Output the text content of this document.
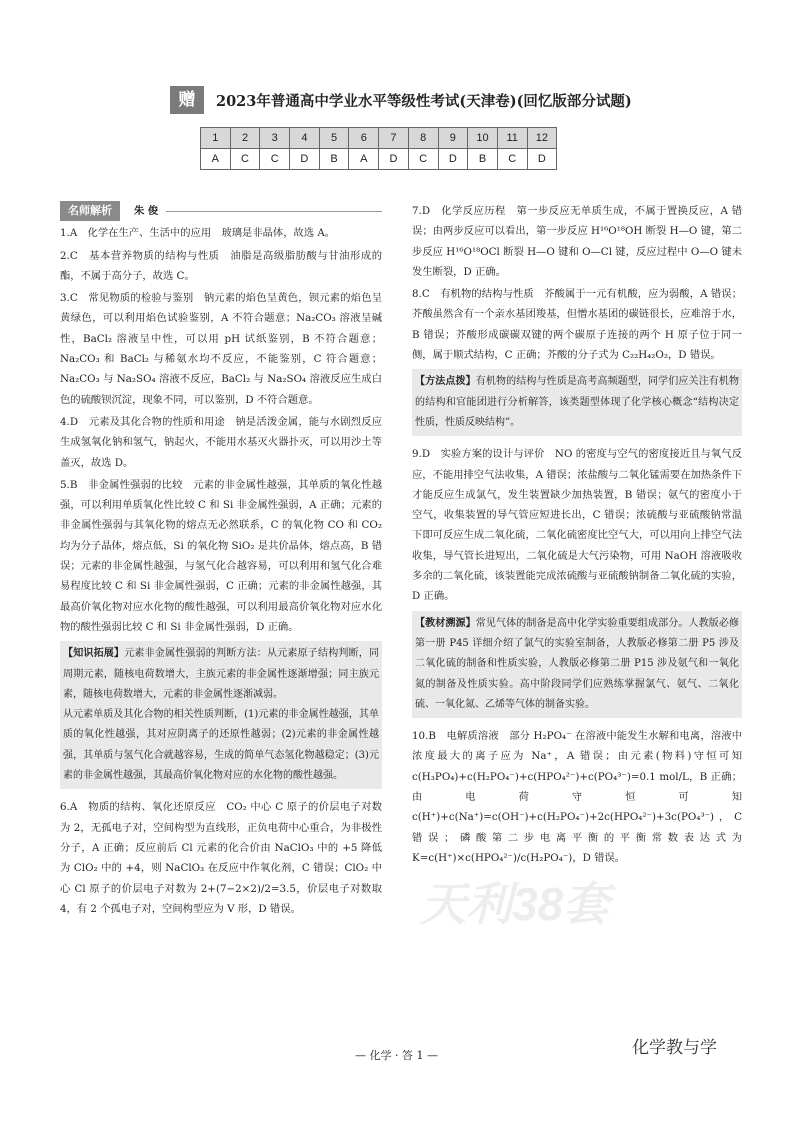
赠	2023年普通高中学业水平等级性考试(天津卷)(回忆版部分试题)
1	2	3	4	5	6	7	8	9	10	11	12
A	C	C	D	B	A	D	C	D	B	C	D
名师解析	朱 俊

1.A　化学在生产、生活中的应用　玻璃是非晶体，故选 A。

2.C　基本营养物质的结构与性质　油脂是高级脂肪酸与甘油形成的酯，不属于高分子，故选 C。

3.C　常见物质的检验与鉴别　钠元素的焰色呈黄色，钡元素的焰色呈黄绿色，可以利用焰色试验鉴别，A 不符合题意；Na₂CO₃ 溶液呈碱性，BaCl₂ 溶液呈中性，可以用 pH 试纸鉴别，B 不符合题意；Na₂CO₃ 和 BaCl₂ 与稀氨水均不反应，不能鉴别，C 符合题意；Na₂CO₃ 与 Na₂SO₄ 溶液不反应，BaCl₂ 与 Na₂SO₄ 溶液反应生成白色的硫酸钡沉淀，现象不同，可以鉴别，D 不符合题意。

4.D　元素及其化合物的性质和用途　钠是活泼金属，能与水剧烈反应生成氢氧化钠和氢气，钠起火，不能用水基灭火器扑灭，可以用沙土等盖灭，故选 D。

5.B　非金属性强弱的比较　元素的非金属性越强，其单质的氧化性越强，可以利用单质氧化性比较 C 和 Si 非金属性强弱，A 正确；元素的非金属性强弱与其氧化物的熔点无必然联系，C 的氧化物 CO 和 CO₂ 均为分子晶体，熔点低，Si 的氧化物 SiO₂ 是共价晶体，熔点高，B 错误；元素的非金属性越强，与氢气化合越容易，可以利用和氢气化合难易程度比较 C 和 Si 非金属性强弱，C 正确；元素的非金属性越强，其最高价氧化物对应水化物的酸性越强，可以利用最高价氧化物对应水化物的酸性强弱比较 C 和 Si 非金属性强弱，D 正确。

【知识拓展】元素非金属性强弱的判断方法：从元素原子结构判断，同周期元素，随核电荷数增大，主族元素的非金属性逐渐增强；同主族元素，随核电荷数增大，元素的非金属性逐渐减弱。
从元素单质及其化合物的相关性质判断，(1)元素的非金属性越强，其单质的氧化性越强，其对应阴离子的还原性越弱；(2)元素的非金属性越强，其单质与氢气化合就越容易，生成的简单气态氢化物越稳定；(3)元素的非金属性越强，其最高价氧化物对应的水化物的酸性越强。

6.A　物质的结构、氧化还原反应　CO₂ 中心 C 原子的价层电子对数为 2，无孤电子对，空间构型为直线形，正负电荷中心重合，为非极性分子，A 正确；反应前后 Cl 元素的化合价由 NaClO₃ 中的 +5 降低为 ClO₂ 中的 +4，则 NaClO₃ 在反应中作氧化剂，C 错误；ClO₂ 中心 Cl 原子的价层电子对数为 2+(7−2×2)/2=3.5，价层电子对数取 4，有 2 个孤电子对，空间构型应为 V 形，D 错误。

7.D　化学反应历程　第一步反应无单质生成，不属于置换反应，A 错误；由两步反应可以看出，第一步反应 H¹⁶O¹⁸OH 断裂 H—O 键，第二步反应 H¹⁶O¹⁸OCl 断裂 H—O 键和 O—Cl 键，反应过程中 O—O 键未发生断裂，D 正确。

8.C　有机物的结构与性质　芥酸属于一元有机酸，应为弱酸，A 错误；芥酸虽然含有一个亲水基团羧基，但憎水基团的碳链很长，应难溶于水，B 错误；芥酸形成碳碳双键的两个碳原子连接的两个 H 原子位于同一侧，属于顺式结构，C 正确；芥酸的分子式为 C₂₂H₄₂O₂，D 错误。

【方法点拨】有机物的结构与性质是高考高频题型，同学们应关注有机物的结构和官能团进行分析解答，该类题型体现了化学核心概念“结构决定性质，性质反映结构”。

9.D　实验方案的设计与评价　NO 的密度与空气的密度接近且与氧气反应，不能用排空气法收集，A 错误；浓盐酸与二氧化锰需要在加热条件下才能反应生成氯气，发生装置缺少加热装置，B 错误；氨气的密度小于空气，收集装置的导气管应短进长出，C 错误；浓硫酸与亚硫酸钠常温下即可反应生成二氧化硫，二氧化硫密度比空气大，可以用向上排空气法收集，导气管长进短出，二氧化硫是大气污染物，可用 NaOH 溶液吸收多余的二氧化硫，该装置能完成浓硫酸与亚硫酸钠制备二氧化硫的实验，D 正确。

【教材溯源】常见气体的制备是高中化学实验重要组成部分。人教版必修第一册 P45 详细介绍了氯气的实验室制备，人教版必修第二册 P5 涉及二氧化硫的制备和性质实验，人教版必修第二册 P15 涉及氨气和一氧化氮的制备及性质实验。高中阶段同学们应熟练掌握氯气、氨气、二氧化硫、一氧化氮、乙烯等气体的制备实验。

10.B　电解质溶液　部分 H₂PO₄⁻ 在溶液中能发生水解和电离，溶液中浓度最大的离子应为 Na⁺，A 错误；由元素(物料)守恒可知 c(H₃PO₄)+c(H₂PO₄⁻)+c(HPO₄²⁻)+c(PO₄³⁻)=0.1 mol/L，B 正确；由电荷守恒可知 c(H⁺)+c(Na⁺)=c(OH⁻)+c(H₂PO₄⁻)+2c(HPO₄²⁻)+3c(PO₄³⁻)，C 错误；磷酸第二步电离平衡的平衡常数表达式为 K=c(H⁺)×c(HPO₄²⁻)/c(H₂PO₄⁻)，D 错误。

天利38套
— 化学 · 答 1 —	化学教与学
